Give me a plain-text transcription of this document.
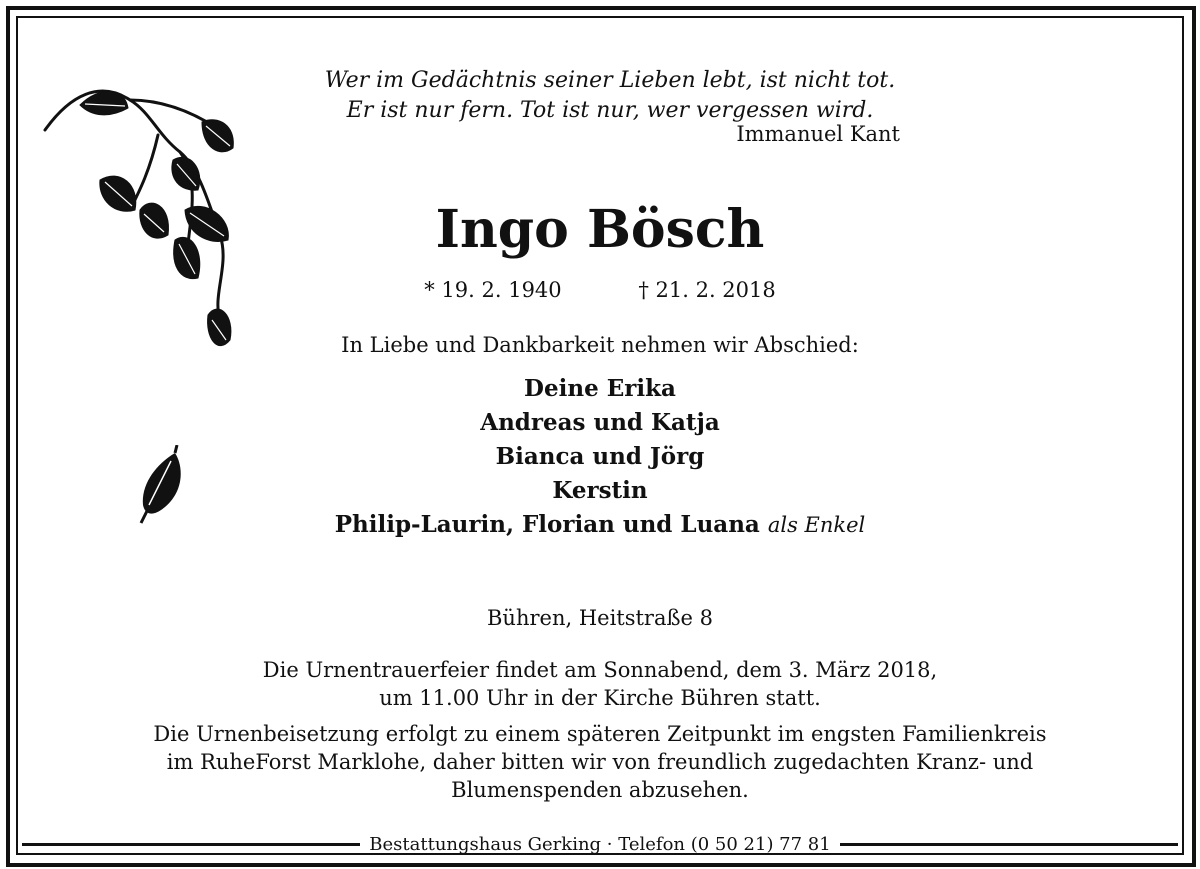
Wer im Gedächtnis seiner Lieben lebt, ist nicht tot.
Er ist nur fern. Tot ist nur, wer vergessen wird.
Immanuel Kant
Ingo Bösch
* 19. 2. 1940	† 21. 2. 2018
In Liebe und Dankbarkeit nehmen wir Abschied:
Deine Erika
Andreas und Katja
Bianca und Jörg
Kerstin
Philip-Laurin, Florian und Luana als Enkel
Bühren, Heitstraße 8
Die Urnentrauerfeier findet am Sonnabend, dem 3. März 2018,
um 11.00 Uhr in der Kirche Bühren statt.
Die Urnenbeisetzung erfolgt zu einem späteren Zeitpunkt im engsten Familienkreis
im RuheForst Marklohe, daher bitten wir von freundlich zugedachten Kranz- und
Blumenspenden abzusehen.
Bestattungshaus Gerking · Telefon (0 50 21) 77 81
